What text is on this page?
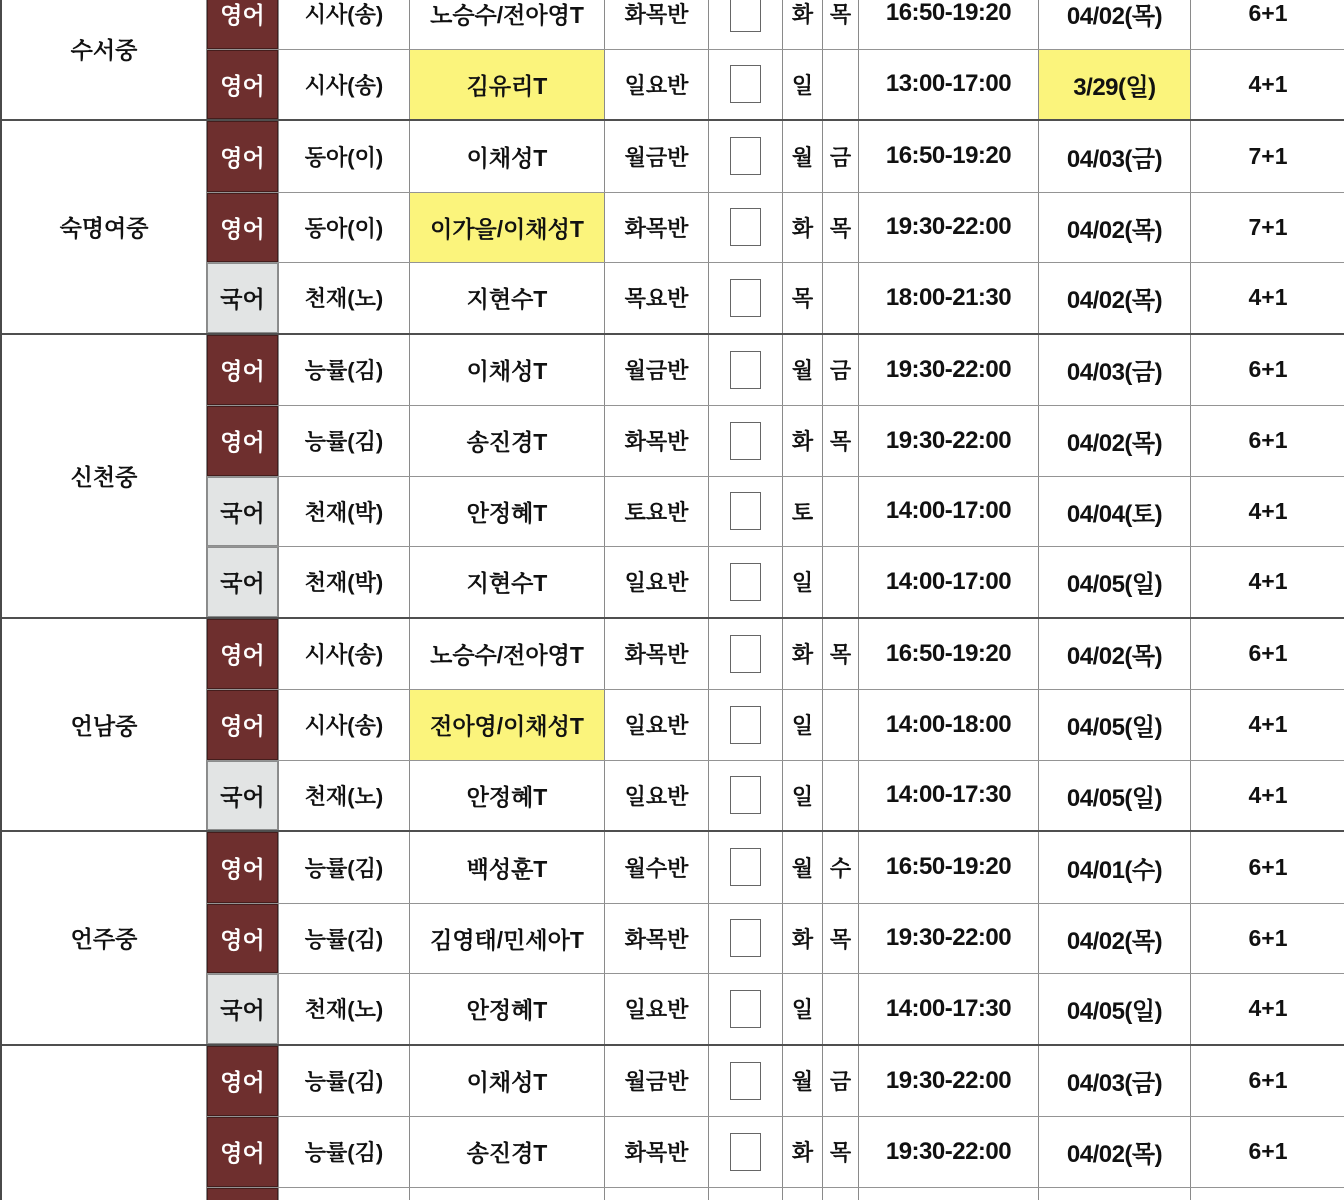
수서중
영어	시사(송)	노승수/전아영T	화목반	화 목	16:50-19:20	04/02(목)	6+1
영어	시사(송)	김유리T	일요반	일	13:00-17:00	3/29(일)	4+1
숙명여중
영어	동아(이)	이채성T	월금반	월 금	16:50-19:20	04/03(금)	7+1
영어	동아(이)	이가을/이채성T	화목반	화 목	19:30-22:00	04/02(목)	7+1
국어	천재(노)	지현수T	목요반	목	18:00-21:30	04/02(목)	4+1
신천중
영어	능률(김)	이채성T	월금반	월 금	19:30-22:00	04/03(금)	6+1
영어	능률(김)	송진경T	화목반	화 목	19:30-22:00	04/02(목)	6+1
국어	천재(박)	안정혜T	토요반	토	14:00-17:00	04/04(토)	4+1
국어	천재(박)	지현수T	일요반	일	14:00-17:00	04/05(일)	4+1
언남중
영어	시사(송)	노승수/전아영T	화목반	화 목	16:50-19:20	04/02(목)	6+1
영어	시사(송)	전아영/이채성T	일요반	일	14:00-18:00	04/05(일)	4+1
국어	천재(노)	안정혜T	일요반	일	14:00-17:30	04/05(일)	4+1
언주중
영어	능률(김)	백성훈T	월수반	월 수	16:50-19:20	04/01(수)	6+1
영어	능률(김)	김영태/민세아T	화목반	화 목	19:30-22:00	04/02(목)	6+1
국어	천재(노)	안정혜T	일요반	일	14:00-17:30	04/05(일)	4+1
영어	능률(김)	이채성T	월금반	월 금	19:30-22:00	04/03(금)	6+1
영어	능률(김)	송진경T	화목반	화 목	19:30-22:00	04/02(목)	6+1
